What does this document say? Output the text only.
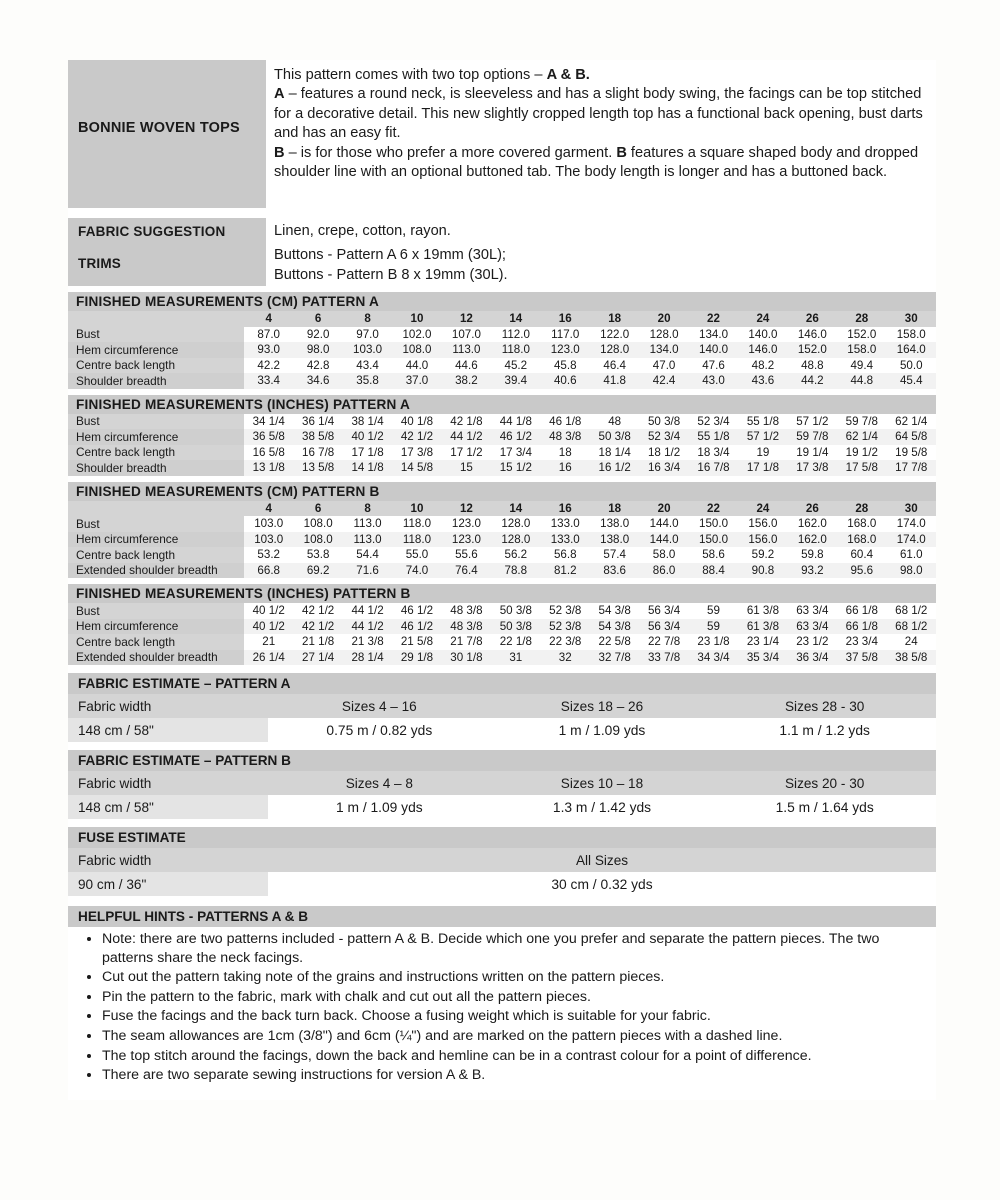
BONNIE WOVEN TOPS

This pattern comes with two top options – A & B.

A – features a round neck, is sleeveless and has a slight body swing, the facings can be top stitched for a decorative detail. This new slightly cropped length top has a functional back opening, bust darts and has an easy fit.

B – is for those who prefer a more covered garment. B features a square shaped body and dropped shoulder line with an optional buttoned tab. The body length is longer and has a buttoned back.

FABRIC SUGGESTION	Linen, crepe, cotton, rayon.
TRIMS
Buttons - Pattern A 6 x 19mm (30L);
Buttons - Pattern B 8 x 19mm (30L).
FINISHED MEASUREMENTS (CM) PATTERN A
	4	6	8	10	12	14	16	18	20	22	24	26	28	30
Bust	87.0	92.0	97.0	102.0	107.0	112.0	117.0	122.0	128.0	134.0	140.0	146.0	152.0	158.0
Hem circumference	93.0	98.0	103.0	108.0	113.0	118.0	123.0	128.0	134.0	140.0	146.0	152.0	158.0	164.0
Centre back length	42.2	42.8	43.4	44.0	44.6	45.2	45.8	46.4	47.0	47.6	48.2	48.8	49.4	50.0
Shoulder breadth	33.4	34.6	35.8	37.0	38.2	39.4	40.6	41.8	42.4	43.0	43.6	44.2	44.8	45.4
FINISHED MEASUREMENTS (INCHES) PATTERN A
Bust	34 1/4	36 1/4	38 1/4	40 1/8	42 1/8	44 1/8	46 1/8	48	50 3/8	52 3/4	55 1/8	57 1/2	59 7/8	62 1/4
Hem circumference	36 5/8	38 5/8	40 1/2	42 1/2	44 1/2	46 1/2	48 3/8	50 3/8	52 3/4	55 1/8	57 1/2	59 7/8	62 1/4	64 5/8
Centre back length	16 5/8	16 7/8	17 1/8	17 3/8	17 1/2	17 3/4	18	18 1/4	18 1/2	18 3/4	19	19 1/4	19 1/2	19 5/8
Shoulder breadth	13 1/8	13 5/8	14 1/8	14 5/8	15	15 1/2	16	16 1/2	16 3/4	16 7/8	17 1/8	17 3/8	17 5/8	17 7/8
FINISHED MEASUREMENTS (CM) PATTERN B
	4	6	8	10	12	14	16	18	20	22	24	26	28	30
Bust	103.0	108.0	113.0	118.0	123.0	128.0	133.0	138.0	144.0	150.0	156.0	162.0	168.0	174.0
Hem circumference	103.0	108.0	113.0	118.0	123.0	128.0	133.0	138.0	144.0	150.0	156.0	162.0	168.0	174.0
Centre back length	53.2	53.8	54.4	55.0	55.6	56.2	56.8	57.4	58.0	58.6	59.2	59.8	60.4	61.0
Extended shoulder breadth	66.8	69.2	71.6	74.0	76.4	78.8	81.2	83.6	86.0	88.4	90.8	93.2	95.6	98.0
FINISHED MEASUREMENTS (INCHES) PATTERN B
Bust	40 1/2	42 1/2	44 1/2	46 1/2	48 3/8	50 3/8	52 3/8	54 3/8	56 3/4	59	61 3/8	63 3/4	66 1/8	68 1/2
Hem circumference	40 1/2	42 1/2	44 1/2	46 1/2	48 3/8	50 3/8	52 3/8	54 3/8	56 3/4	59	61 3/8	63 3/4	66 1/8	68 1/2
Centre back length	21	21 1/8	21 3/8	21 5/8	21 7/8	22 1/8	22 3/8	22 5/8	22 7/8	23 1/8	23 1/4	23 1/2	23 3/4	24
Extended shoulder breadth	26 1/4	27 1/4	28 1/4	29 1/8	30 1/8	31	32	32 7/8	33 7/8	34 3/4	35 3/4	36 3/4	37 5/8	38 5/8
FABRIC ESTIMATE – PATTERN A
Fabric width	Sizes 4 – 16	Sizes 18 – 26	Sizes 28 - 30
148 cm / 58"	0.75 m / 0.82 yds	1 m / 1.09 yds	1.1 m / 1.2 yds
FABRIC ESTIMATE – PATTERN B
Fabric width	Sizes 4 – 8	Sizes 10 – 18	Sizes 20 - 30
148 cm / 58"	1 m / 1.09 yds	1.3 m / 1.42 yds	1.5 m / 1.64 yds
FUSE ESTIMATE
Fabric width	All Sizes
90 cm / 36"	30 cm / 0.32 yds
HELPFUL HINTS - PATTERNS A & B
• Note: there are two patterns included - pattern A & B. Decide which one you prefer and separate the pattern pieces. The two patterns share the neck facings.
• Cut out the pattern taking note of the grains and instructions written on the pattern pieces.
• Pin the pattern to the fabric, mark with chalk and cut out all the pattern pieces.
• Fuse the facings and the back turn back. Choose a fusing weight which is suitable for your fabric.
• The seam allowances are 1cm (3/8") and 6cm (¼") and are marked on the pattern pieces with a dashed line.
• The top stitch around the facings, down the back and hemline can be in a contrast colour for a point of difference.
• There are two separate sewing instructions for version A & B.
